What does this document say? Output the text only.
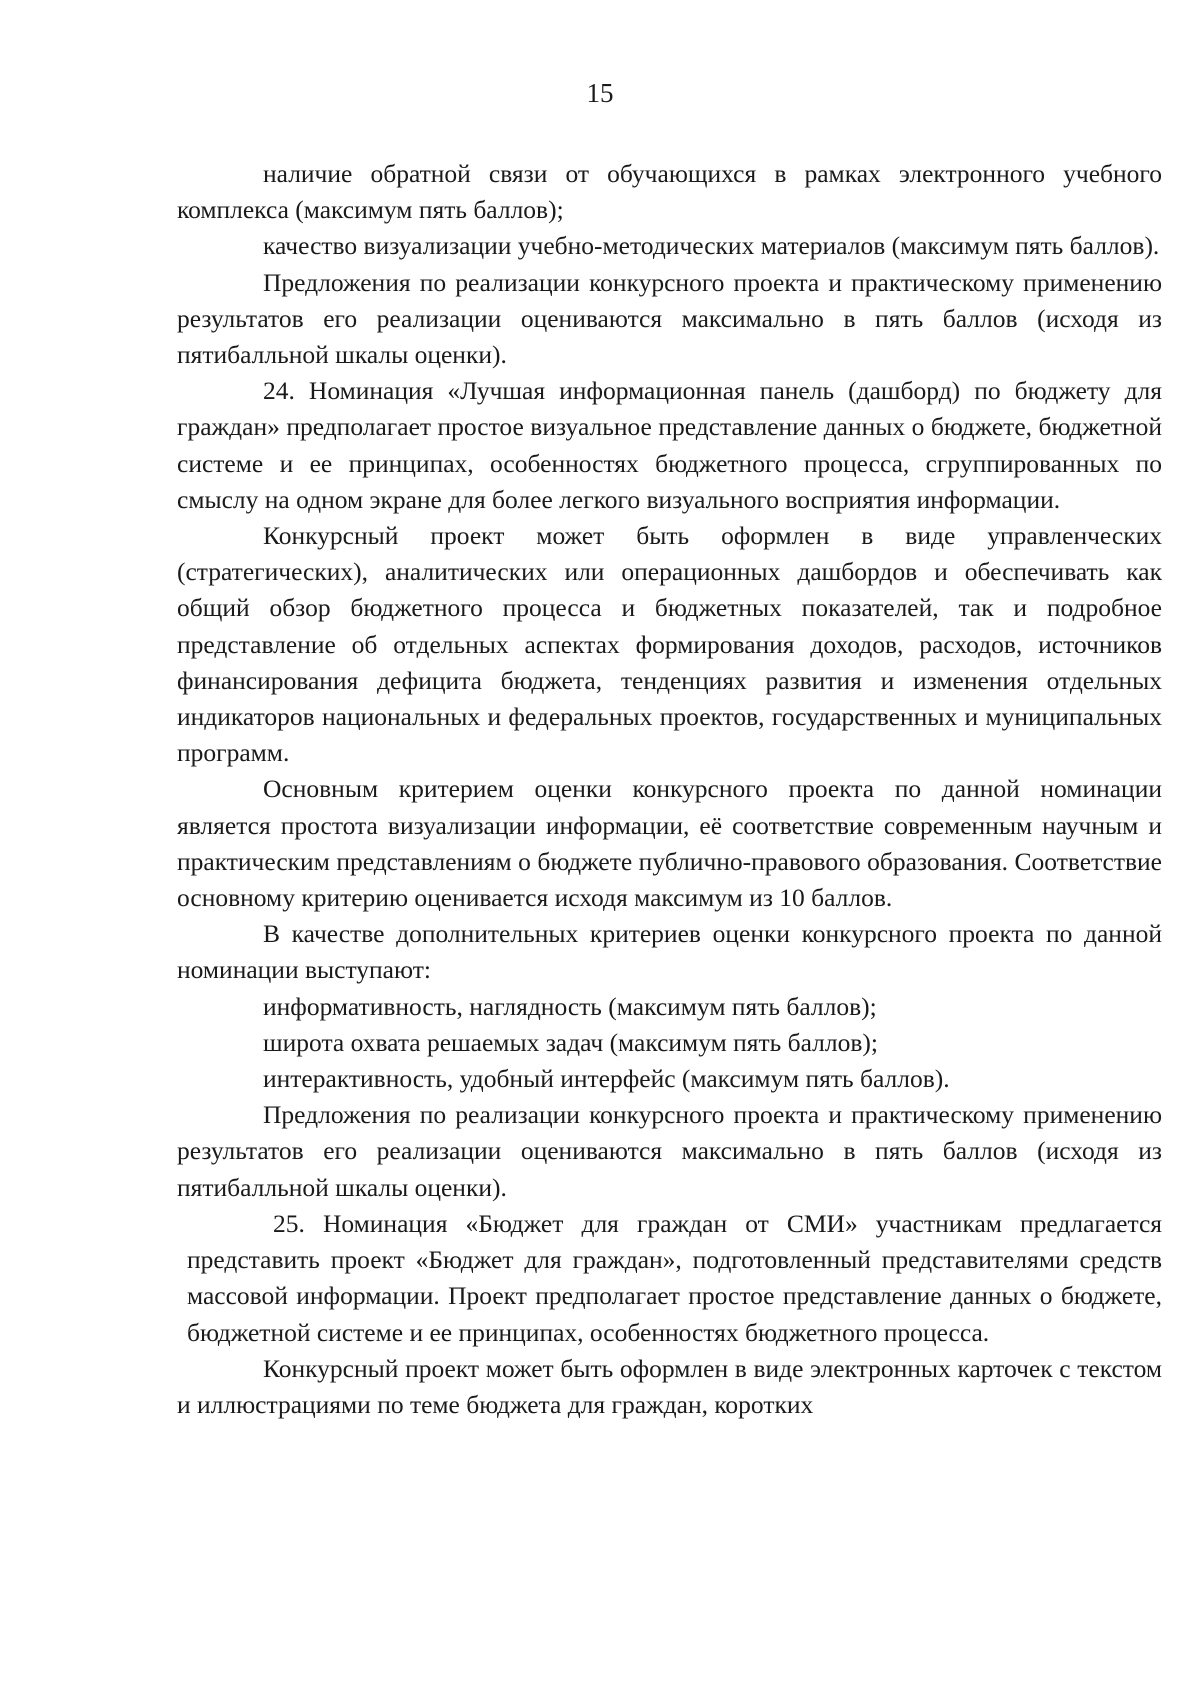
15

наличие обратной связи от обучающихся в рамках электронного учебного комплекса (максимум пять баллов);

качество визуализации учебно-методических материалов (максимум пять баллов).

Предложения по реализации конкурсного проекта и практическому применению результатов его реализации оцениваются максимально в пять баллов (исходя из пятибалльной шкалы оценки).

24. Номинация «Лучшая информационная панель (дашборд) по бюджету для граждан» предполагает простое визуальное представление данных о бюджете, бюджетной системе и ее принципах, особенностях бюджетного процесса, сгруппированных по смыслу на одном экране для более легкого визуального восприятия информации.

Конкурсный проект может быть оформлен в виде управленческих (стратегических), аналитических или операционных дашбордов и обеспечивать как общий обзор бюджетного процесса и бюджетных показателей, так и подробное представление об отдельных аспектах формирования доходов, расходов, источников финансирования дефицита бюджета, тенденциях развития и изменения отдельных индикаторов национальных и федеральных проектов, государственных и муниципальных программ.

Основным критерием оценки конкурсного проекта по данной номинации является простота визуализации информации, её соответствие современным научным и практическим представлениям о бюджете публично-правового образования. Соответствие основному критерию оценивается исходя максимум из 10 баллов.

В качестве дополнительных критериев оценки конкурсного проекта по данной номинации выступают:

информативность, наглядность (максимум пять баллов);

широта охвата решаемых задач (максимум пять баллов);

интерактивность, удобный интерфейс (максимум пять баллов).

Предложения по реализации конкурсного проекта и практическому применению результатов его реализации оцениваются максимально в пять баллов (исходя из пятибалльной шкалы оценки).

25. Номинация «Бюджет для граждан от СМИ» участникам предлагается представить проект «Бюджет для граждан», подготовленный представителями средств массовой информации. Проект предполагает простое представление данных о бюджете, бюджетной системе и ее принципах, особенностях бюджетного процесса.

Конкурсный проект может быть оформлен в виде электронных карточек с текстом и иллюстрациями по теме бюджета для граждан, коротких
